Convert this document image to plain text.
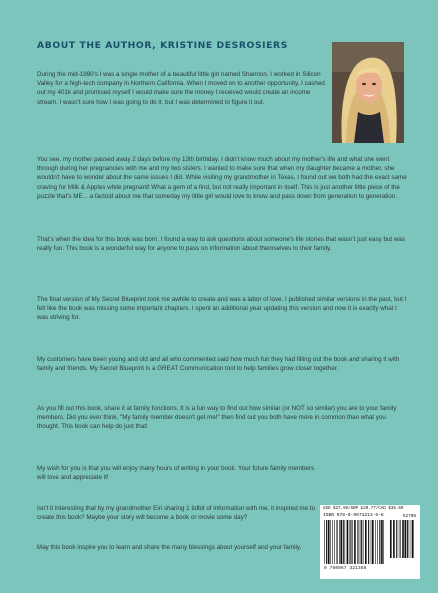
ABOUT THE AUTHOR, KRISTINE DESROSIERS

During the mid-1990's I was a single mother of a beautiful little girl named Shannon. I worked in Silicon Valley for a high-tech company in Northern California. When I moved on to another opportunity, I cashed out my 401k and promised myself I would make sure the money I received would create an income stream. I wasn't sure how I was going to do it, but I was determined to figure it out.

You see, my mother passed away 2 days before my 13th birthday. I didn't know much about my mother's life and what she went through during her pregnancies with me and my two sisters. I wanted to make sure that when my daughter became a mother, she wouldn't have to wonder about the same issues I did. While visiting my grandmother in Texas, I found out we both had the exact same craving for Milk & Apples while pregnant! What a gem of a find, but not really important in itself. This is just another little piece of the puzzle that's ME... a factoid about me that someday my little girl would love to know and pass down from generation to generation.

That's when the idea for this book was born. I found a way to ask questions about someone's life stories that wasn't just easy but was really fun. This book is a wonderful way for anyone to pass on information about themselves to their family.

The final version of My Secret Blueprint took me awhile to create and was a labor of love. I published similar versions in the past, but I felt like the book was missing some important chapters. I spent an additional year updating this version and now it is exactly what I was striving for.

My customers have been young and old and all who commented said how much fun they had filling out the book and sharing it with family and friends. My Secret Blueprint is a GREAT Communication tool to help families grow closer together.

As you fill out this book, share it at family functions. It is a fun way to find out how similar (or NOT so similar) you are to your family members. Did you ever think, "My family member doesn't get me!" then find out you both have more in common than what you thought. This book can help do just that!

My wish for you is that you will enjoy many hours of writing in your book. Your future family members will love and appreciate it!

Isn't it interesting that by my grandmother Eiri sharing 1 tidbit of information with me, it inspired me to create this book? Maybe your story will become a book or movie some day?

May this book inspire you to learn and share the many blessings about yourself and your family.

USD $27.99/GBP £20.77/CAD $35.69
ISBN 978-0-9673213-5-6	52799
9 780967 321356
